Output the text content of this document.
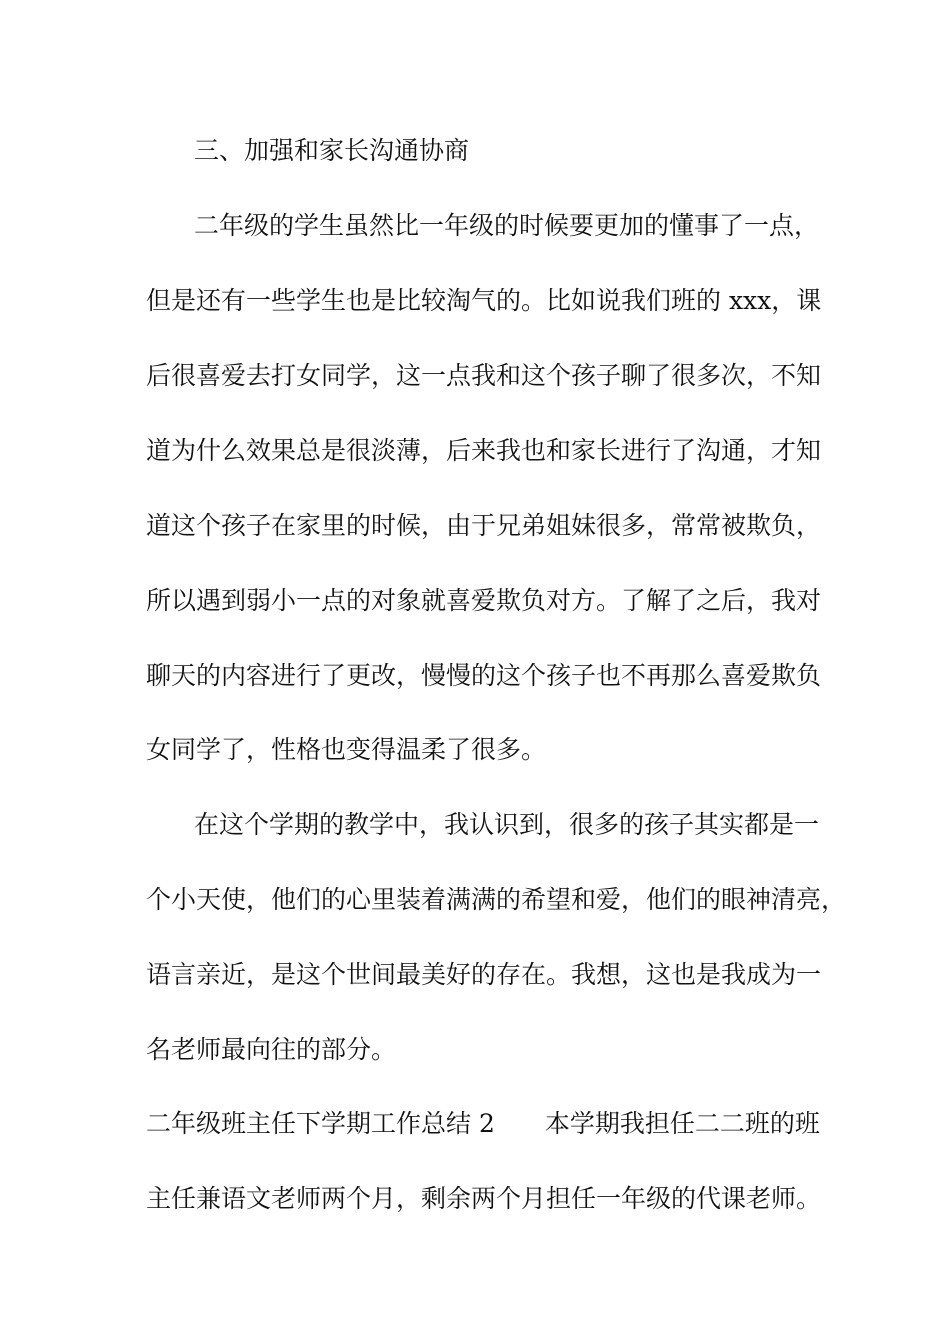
三、加强和家长沟通协商
二年级的学生虽然比一年级的时候要更加的懂事了一点，
但是还有一些学生也是比较淘气的。比如说我们班的 xxx，课
后很喜爱去打女同学，这一点我和这个孩子聊了很多次，不知
道为什么效果总是很淡薄，后来我也和家长进行了沟通，才知
道这个孩子在家里的时候，由于兄弟姐妹很多，常常被欺负，
所以遇到弱小一点的对象就喜爱欺负对方。了解了之后，我对
聊天的内容进行了更改，慢慢的这个孩子也不再那么喜爱欺负
女同学了，性格也变得温柔了很多。
在这个学期的教学中，我认识到，很多的孩子其实都是一
个小天使，他们的心里装着满满的希望和爱，他们的眼神清亮，
语言亲近，是这个世间最美好的存在。我想，这也是我成为一
名老师最向往的部分。
二年级班主任下学期工作总结 2　　本学期我担任二二班的班
主任兼语文老师两个月，剩余两个月担任一年级的代课老师。
